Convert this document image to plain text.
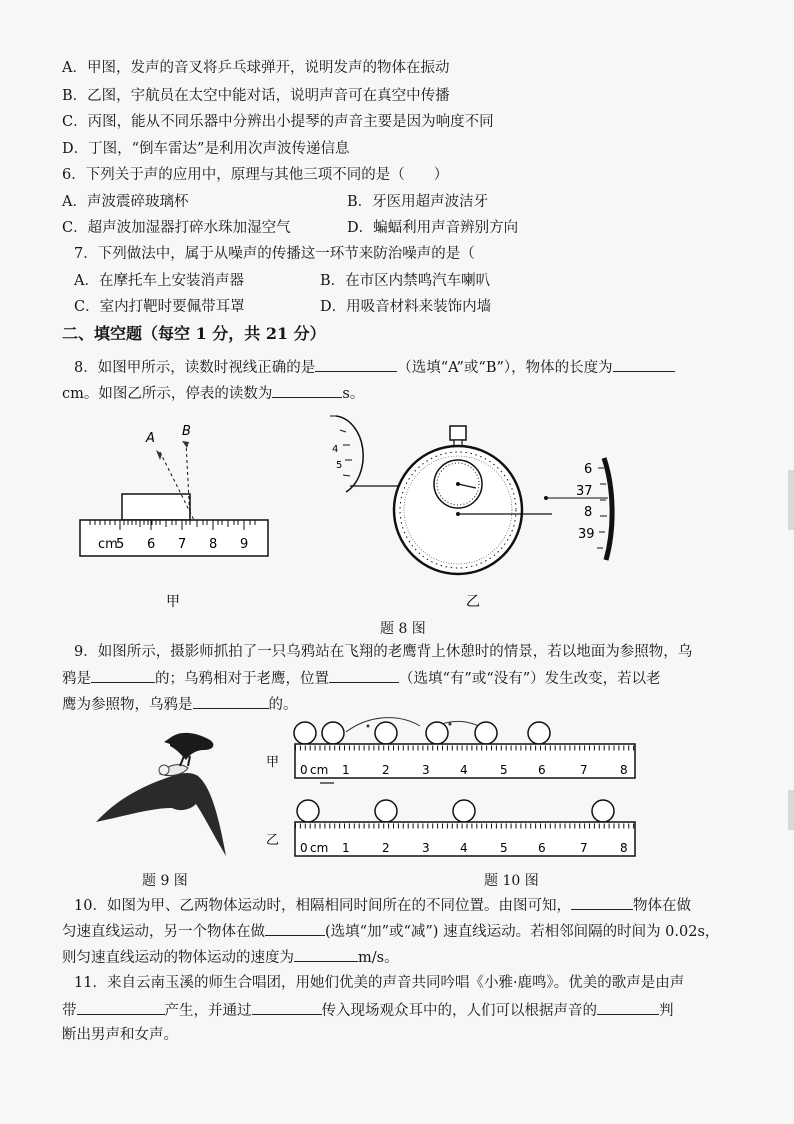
A．甲图，发声的音叉将乒乓球弹开，说明发声的物体在振动
B．乙图，宇航员在太空中能对话，说明声音可在真空中传播
C．丙图，能从不同乐器中分辨出小提琴的声音主要是因为响度不同
D．丁图，“倒车雷达”是利用次声波传递信息
6．下列关于声的应用中，原理与其他三项不同的是（　　）
A．声波震碎玻璃杯	B．牙医用超声波洁牙
C．超声波加湿器打碎水珠加湿空气	D．蝙蝠利用声音辨别方向
7．下列做法中，属于从噪声的传播这一环节来防治噪声的是（
A．在摩托车上安装消声器	B．在市区内禁鸣汽车喇叭
C．室内打靶时要佩带耳罩	D．用吸音材料来装饰内墙
二、填空题（每空 1 分，共 21 分）
8．如图甲所示，读数时视线正确的是	（选填“A”或“B”），物体的长度为
cm。如图乙所示，停表的读数为	s。
cm
5 6 7 8 9
A B
甲
4
5	6
37
8
39
乙
题 8 图
9．如图所示，摄影师抓拍了一只乌鸦站在飞翔的老鹰背上休憩时的情景，若以地面为参照物，乌
鸦是	的；乌鸦相对于老鹰，位置	（选填“有”或“没有”）发生改变，若以老
鹰为参照物，乌鸦是	的。
甲 0 cm 1	2	3	4	5	6	7	8
乙 0 cm 1	2	3	4	5	6	7	8
题 9 图	题 10 图
10．如图为甲、乙两物体运动时，相隔相同时间所在的不同位置。由图可知，	物体在做
匀速直线运动，另一个物体在做	(选填“加”或“减”) 速直线运动。若相邻间隔的时间为 0.02s，
则匀速直线运动的物体运动的速度为	m/s。
11．来自云南玉溪的师生合唱团，用她们优美的声音共同吟唱《小雅·鹿鸣》。优美的歌声是由声
带	产生，并通过	传入现场观众耳中的，人们可以根据声音的	判
断出男声和女声。
